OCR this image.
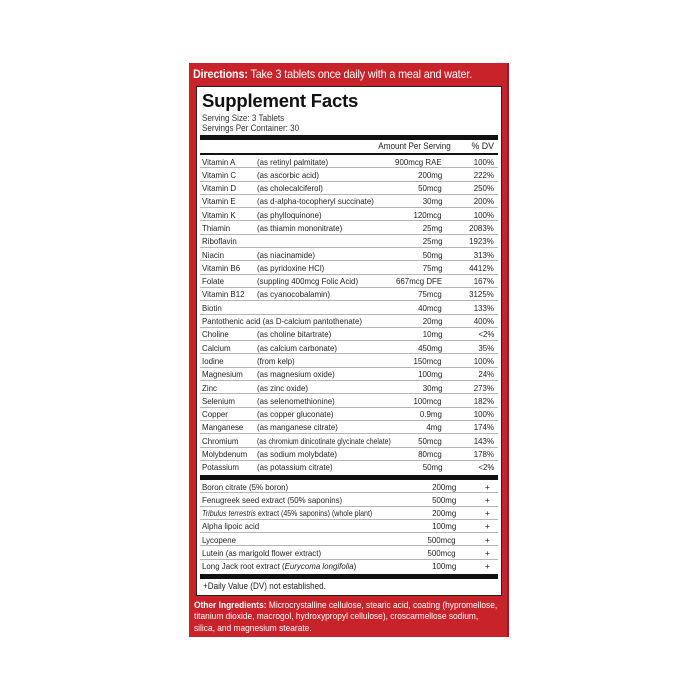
Directions: Take 3 tablets once daily with a meal and water.
Supplement Facts
Serving Size: 3 Tablets
Servings Per Container: 30
Amount Per Serving % DV
Vitamin A	(as retinyl palmitate)	900mcg RAE	100%
Vitamin C (as ascorbic acid)	200mg	222%
Vitamin D (as cholecalciferol)	50mcg	250%
Vitamin E (as d-alpha-tocopheryl succinate)	30mg	200%
Vitamin K (as phylloquinone)	120mcg	100%
Thiamin	(as thiamin mononitrate)	25mg	2083%
Riboflavin	25mg	1923%
Niacin	(as niacinamide)	50mg	313%
Vitamin B6 (as pyridoxine HCl)	75mg	4412%
Folate	(suppling 400mcg Folic Acid)	667mcg DFE	167%
Vitamin B12 (as cyanocobalamin)	75mcg	3125%
Biotin	40mcg	133%
Pantothenic acid (as D-calcium pantothenate)	20mg	400%
Choline	(as choline bitartrate)	10mg	<2%
Calcium	(as calcium carbonate)	450mg	35%
Iodine	(from kelp)	150mcg	100%
Magnesium (as magnesium oxide)	100mg	24%
Zinc	(as zinc oxide)	30mg	273%
Selenium	(as selenomethionine)	100mcg	182%
Copper	(as copper gluconate)	0.9mg	100%
Manganese (as manganese citrate)	4mg	174%
Chromium (as chromium dinicotinate glycinate chelate)	50mcg	143%
Molybdenum (as sodium molybdate)	80mcg	178%
Potassium (as potassium citrate)	50mg	<2%
Boron citrate (5% boron)	200mg	+
Fenugreek seed extract (50% saponins)	500mg	+
Tribulus terrestris extract (45% saponins) (whole plant)	200mg	+
Alpha lipoic acid	100mg	+
Lycopene	500mcg	+
Lutein (as marigold flower extract)	500mcg	+
Long Jack root extract (Eurycoma longifolia)	100mg	+
+Daily Value (DV) not established.
Other Ingredients: Microcrystalline cellulose, stearic acid, coating (hypromellose, titanium dioxide, macrogol, hydroxypropyl cellulose), croscarmellose sodium, silica, and magnesium stearate.
